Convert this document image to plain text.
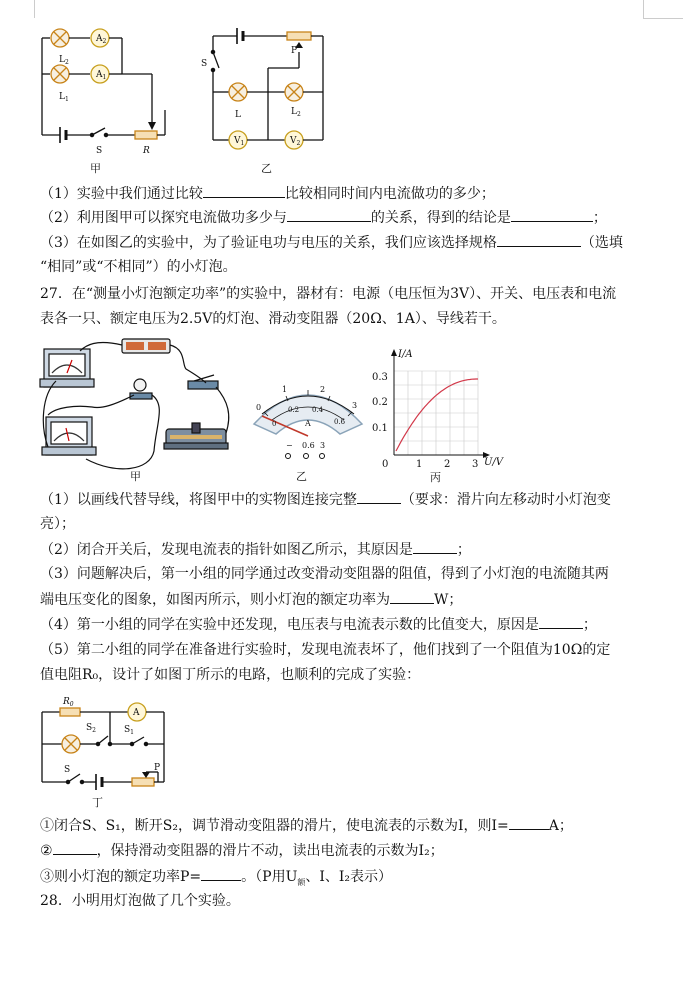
$A_2$
$A_1$
$L_2$
$L_1$
S	R
甲
S
P
L	$L_2$
$V_1$	$V_2$
乙
（1）实验中我们通过比较	比较相同时间内电流做功的多少；
（2）利用图甲可以探究电流做功多少与	的关系，得到的结论是	；
（3）在如图乙的实验中，为了验证电功与电压的关系，我们应该选择规格	（选填
“相同”或“不相同”）的小灯泡。
27．在“测量小灯泡额定功率”的实验中，器材有：电源（电压恒为3V）、开关、电压表和电流
表各一只、额定电压为2.5V的灯泡、滑动变阻器（20Ω、1A）、导线若干。
甲
0
1	2
3
0
0.2 0.4
0.6
A
− 0.6 3
乙
I/A
U/V
0.3
0.2
0.1
0	1 2 3
丙
（1）以画线代替导线，将图甲中的实物图连接完整	（要求：滑片向左移动时小灯泡变
亮）；
（2）闭合开关后，发现电流表的指针如图乙所示，其原因是	；
（3）问题解决后，第一小组的同学通过改变滑动变阻器的阻值，得到了小灯泡的电流随其两
端电压变化的图象，如图丙所示，则小灯泡的额定功率为	W；
（4）第一小组的同学在实验中还发现，电压表与电流表示数的比值变大，原因是	；
（5）第二小组的同学在准备进行实验时，发现电流表坏了，他们找到了一个阻值为10Ω的定
值电阻R₀，设计了如图丁所示的电路，也顺利的完成了实验：
$R_0$
A
$S_2$	$S_1$
S	P
丁
①闭合S、S₁，断开S₂，调节滑动变阻器的滑片，使电流表的示数为I，则I=	A；
②	，保持滑动变阻器的滑片不动，读出电流表的示数为I₂；
③则小灯泡的额定功率P=	。（P用$U_额$、I、I₂表示）
28．小明用灯泡做了几个实验。
